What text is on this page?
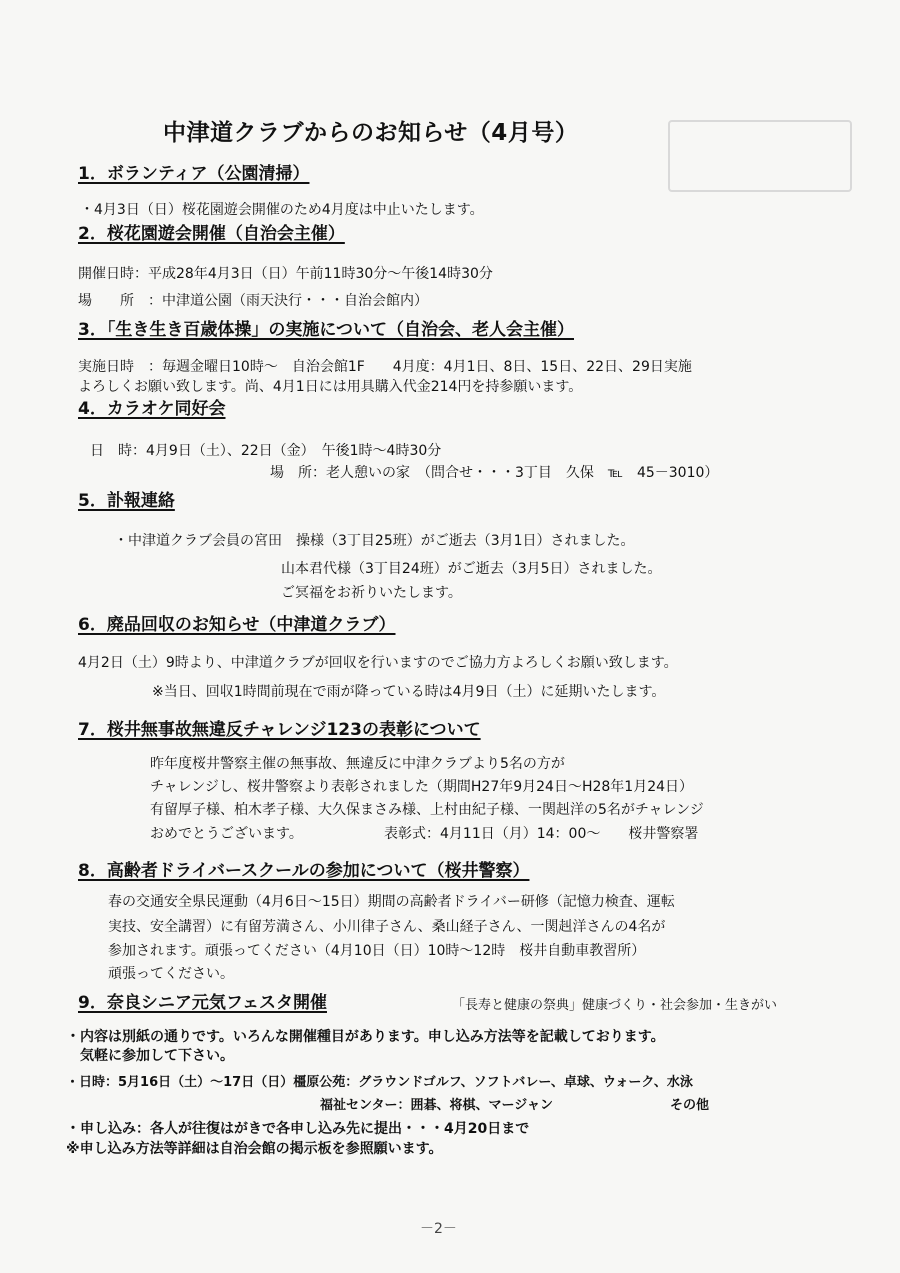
中津道クラブからのお知らせ（4月号）
1．ボランティア（公園清掃）
・4月3日（日）桜花園遊会開催のため4月度は中止いたします。
2．桜花園遊会開催（自治会主催）
開催日時：平成28年4月3日（日）午前11時30分～午後14時30分
場　　所　：中津道公園（雨天決行・・・自治会館内）
3．「生き生き百歳体操」の実施について（自治会、老人会主催）
実施日時　：毎週金曜日10時～　自治会館1F　　4月度：4月1日、8日、15日、22日、29日実施
よろしくお願い致します。尚、4月1日には用具購入代金214円を持参願います。
4．カラオケ同好会
日　時：4月9日（土）、22日（金）　午後1時～4時30分
場　所：老人憩いの家　（問合せ・・・3丁目　久保　℡　45－3010）
5．訃報連絡
・中津道クラブ会員の宮田　操様（3丁目25班）がご逝去（3月1日）されました。
山本君代様（3丁目24班）がご逝去（3月5日）されました。
ご冥福をお祈りいたします。
6．廃品回収のお知らせ（中津道クラブ）
4月2日（土）9時より、中津道クラブが回収を行いますのでご協力方よろしくお願い致します。
※当日、回収1時間前現在で雨が降っている時は4月9日（土）に延期いたします。
7．桜井無事故無違反チャレンジ123の表彰について
昨年度桜井警察主催の無事故、無違反に中津クラブより5名の方が
チャレンジし、桜井警察より表彰されました（期間H27年9月24日～H28年1月24日）
有留厚子様、柏木孝子様、大久保まさみ様、上村由紀子様、一関赳洋の5名がチャレンジ
おめでとうございます。	表彰式：4月11日（月）14：00～　　桜井警察署
8．高齢者ドライバースクールの参加について（桜井警察）
春の交通安全県民運動（4月6日～15日）期間の高齢者ドライバー研修（記憶力検査、運転
実技、安全講習）に有留芳満さん、小川律子さん、桑山経子さん、一関赳洋さんの4名が
参加されます。頑張ってください（4月10日（日）10時～12時　桜井自動車教習所）
頑張ってください。
9．奈良シニア元気フェスタ開催	「長寿と健康の祭典」健康づくり・社会参加・生きがい
・内容は別紙の通りです。いろんな開催種目があります。申し込み方法等を記載しております。
気軽に参加して下さい。
・日時：5月16日（土）～17日（日）橿原公苑：グラウンドゴルフ、ソフトバレー、卓球、ウォーク、水泳
福祉センター：囲碁、将棋、マージャン	その他
・申し込み：各人が往復はがきで各申し込み先に提出・・・4月20日まで
※申し込み方法等詳細は自治会館の掲示板を参照願います。
－2－
